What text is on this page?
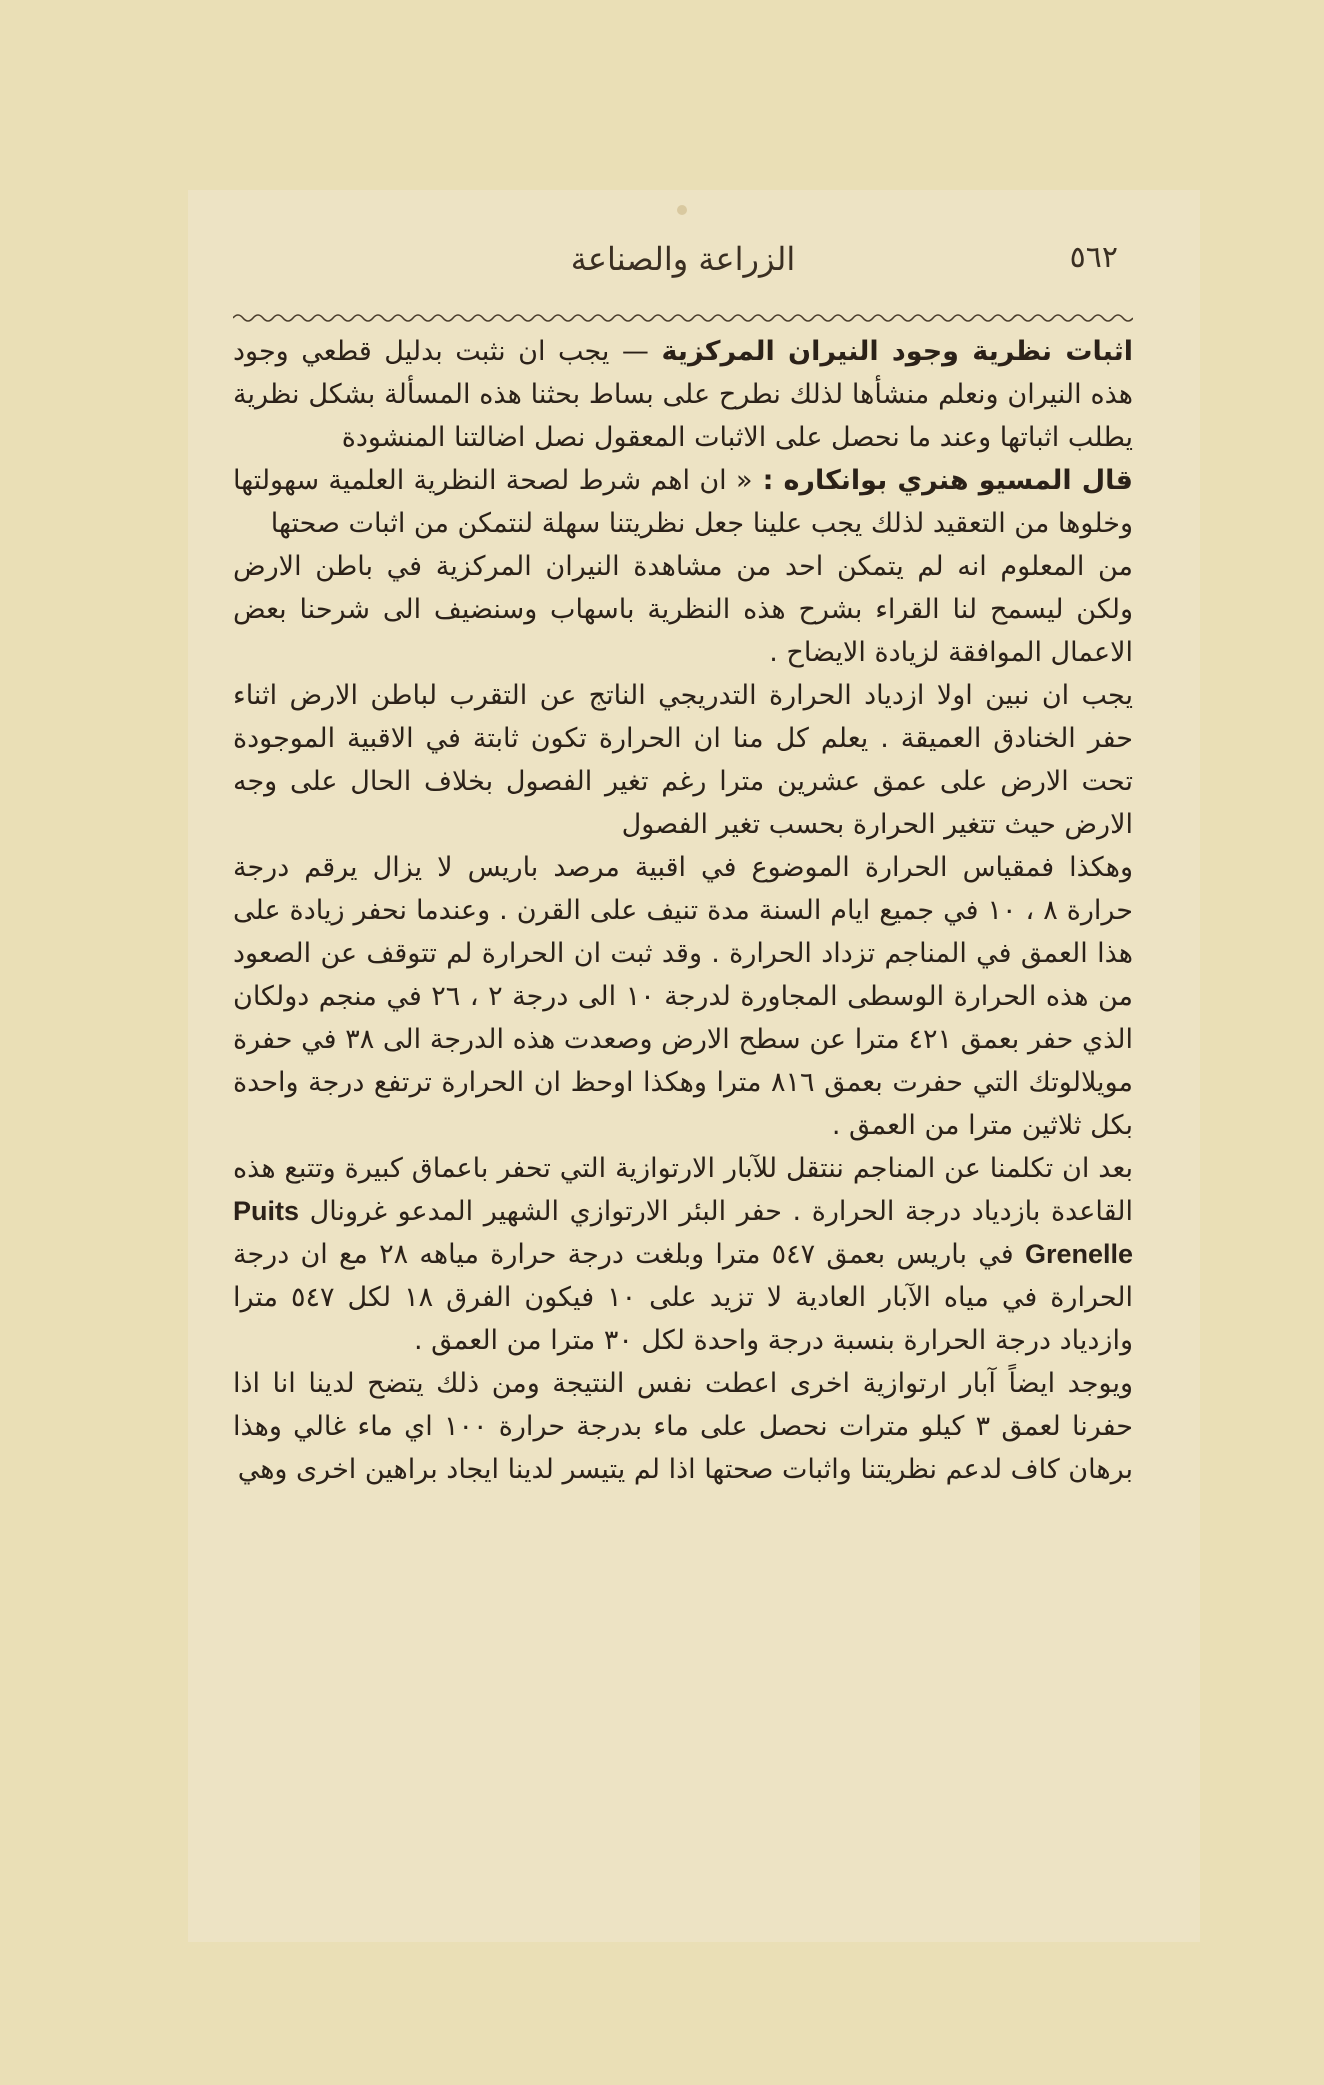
٥٦٢
الزراعة والصناعة

اثبات نظرية وجود النيران المركزية — يجب ان نثبت بدليل قطعي وجود هذه النيران ونعلم منشأها لذلك نطرح على بساط بحثنا هذه المسألة بشكل نظرية يطلب اثباتها وعند ما نحصل على الاثبات المعقول نصل اضالتنا المنشودة

قال المسيو هنري بوانكاره : « ان اهم شرط لصحة النظرية العلمية سهولتها وخلوها من التعقيد لذلك يجب علينا جعل نظريتنا سهلة لنتمكن من اثبات صحتها

من المعلوم انه لم يتمكن احد من مشاهدة النيران المركزية في باطن الارض ولكن ليسمح لنا القراء بشرح هذه النظرية باسهاب وسنضيف الى شرحنا بعض الاعمال الموافقة لزيادة الايضاح .

يجب ان نبين اولا ازدياد الحرارة التدريجي الناتج عن التقرب لباطن الارض اثناء حفر الخنادق العميقة . يعلم كل منا ان الحرارة تكون ثابتة في الاقبية الموجودة تحت الارض على عمق عشرين مترا رغم تغير الفصول بخلاف الحال على وجه الارض حيث تتغير الحرارة بحسب تغير الفصول

وهكذا فمقياس الحرارة الموضوع في اقبية مرصد باريس لا يزال يرقم درجة حرارة ٨ ، ١٠ في جميع ايام السنة مدة تنيف على القرن . وعندما نحفر زيادة على هذا العمق في المناجم تزداد الحرارة . وقد ثبت ان الحرارة لم تتوقف عن الصعود من هذه الحرارة الوسطى المجاورة لدرجة ١٠ الى درجة ٢ ، ٢٦ في منجم دولكان الذي حفر بعمق ٤٢١ مترا عن سطح الارض وصعدت هذه الدرجة الى ٣٨ في حفرة مويلالوتك التي حفرت بعمق ٨١٦ مترا وهكذا اوحظ ان الحرارة ترتفع درجة واحدة بكل ثلاثين مترا من العمق .

بعد ان تكلمنا عن المناجم ننتقل للآبار الارتوازية التي تحفر باعماق كبيرة وتتبع هذه القاعدة بازدياد درجة الحرارة . حفر البئر الارتوازي الشهير المدعو غرونال Puits Grenelle في باريس بعمق ٥٤٧ مترا وبلغت درجة حرارة مياهه ٢٨ مع ان درجة الحرارة في مياه الآبار العادية لا تزيد على ١٠ فيكون الفرق ١٨ لكل ٥٤٧ مترا وازدياد درجة الحرارة بنسبة درجة واحدة لكل ٣٠ مترا من العمق .

ويوجد ايضاً آبار ارتوازية اخرى اعطت نفس النتيجة ومن ذلك يتضح لدينا انا اذا حفرنا لعمق ٣ كيلو مترات نحصل على ماء بدرجة حرارة ١٠٠ اي ماء غالي وهذا برهان كاف لدعم نظريتنا واثبات صحتها اذا لم يتيسر لدينا ايجاد براهين اخرى وهي
